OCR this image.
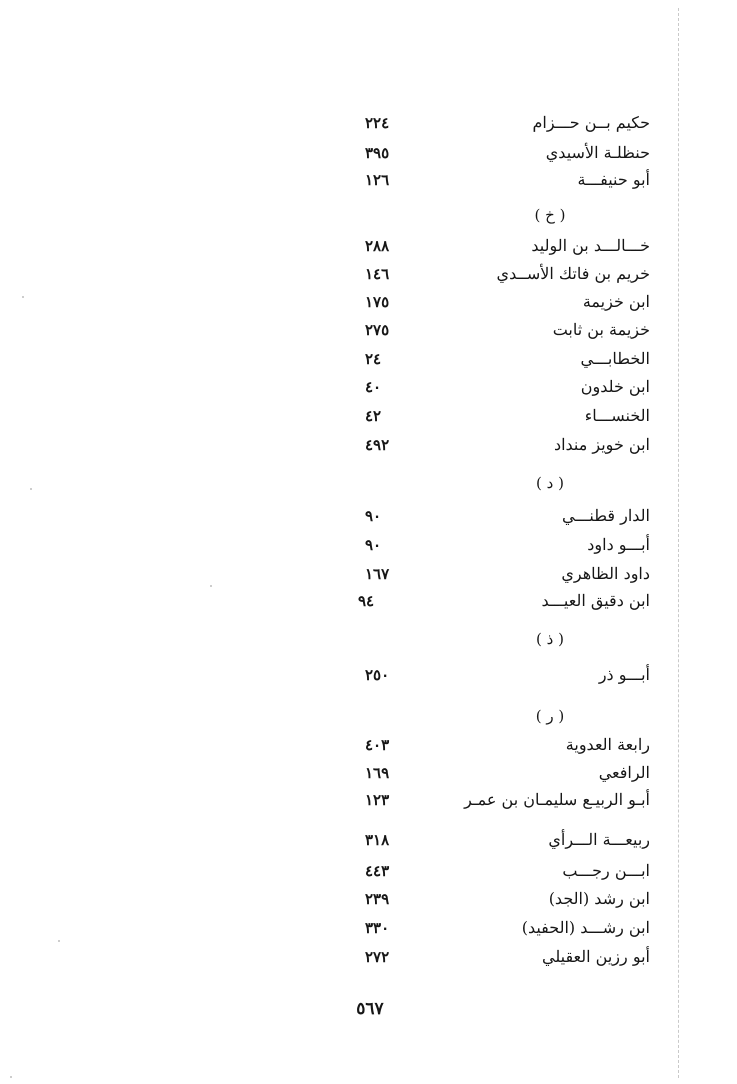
حكيم بــن حـــزام
٢٢٤
حنظلـة الأسيدي
٣٩٥
أبو حنيفـــة
١٢٦
( خ )
خـــالـــد بن الوليد
٢٨٨
خريم بن فاتك الأســدي
١٤٦
ابن خزيمة
١٧٥
خزيمة بن ثابت
٢٧٥
الخطابـــي
٢٤
ابن خلدون
٤٠
الخنســـاء
٤٢
ابن خويز منداد
٤٩٢
( د )
الدار قطنـــي
٩٠
أبـــو داود
٩٠
داود الظاهري
١٦٧
ابن دقيق العيـــد
٩٤
( ذ )
أبـــو ذر
٢٥٠
( ر )
رابعة العدوية
٤٠٣
الرافعي
١٦٩
أبـو الربيـع سليمـان بن عمـر
١٢٣
ربيعـــة الـــرأي
٣١٨
ابـــن رجـــب
٤٤٣
ابن رشد (الجد)
٢٣٩
ابن رشـــد (الحفيد)
٣٣٠
أبو رزين العقيلي
٢٧٢
٥٦٧
